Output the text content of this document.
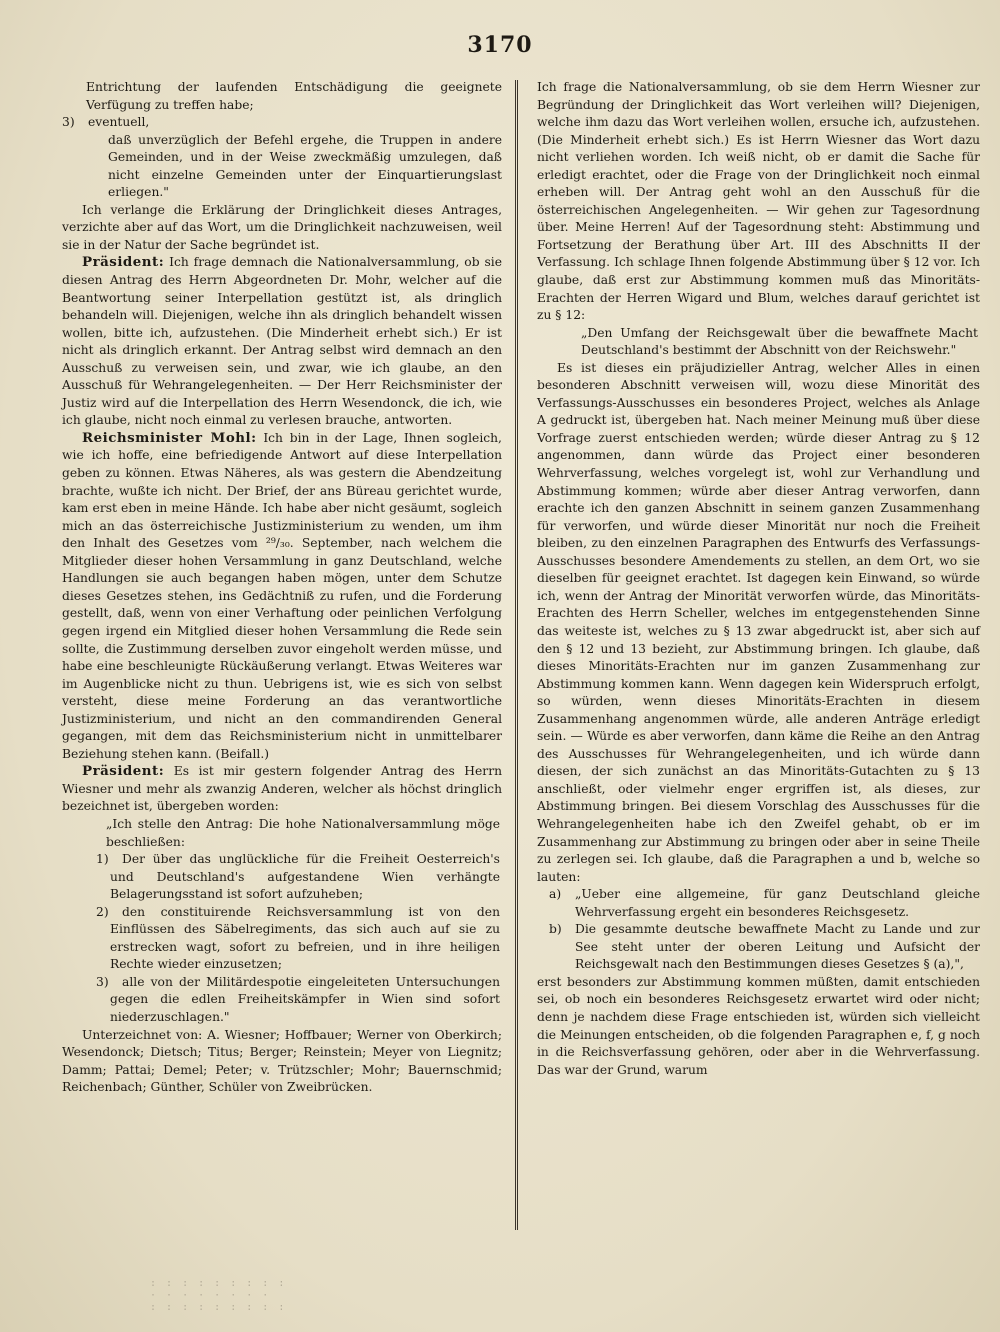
3170

Entrichtung der laufenden Entschädigung die geeignete Verfügung zu treffen habe;

3) eventuell,

daß unverzüglich der Befehl ergehe, die Truppen in andere Gemeinden, und in der Weise zweckmäßig umzulegen, daß nicht einzelne Gemeinden unter der Einquartierungslast erliegen."

Ich verlange die Erklärung der Dringlichkeit dieses Antrages, verzichte aber auf das Wort, um die Dringlichkeit nachzuweisen, weil sie in der Natur der Sache begründet ist.

Präsident: Ich frage demnach die Nationalversammlung, ob sie diesen Antrag des Herrn Abgeordneten Dr. Mohr, welcher auf die Beantwortung seiner Interpellation gestützt ist, als dringlich behandeln will. Diejenigen, welche ihn als dringlich behandelt wissen wollen, bitte ich, aufzustehen. (Die Minderheit erhebt sich.) Er ist nicht als dringlich erkannt. Der Antrag selbst wird demnach an den Ausschuß zu verweisen sein, und zwar, wie ich glaube, an den Ausschuß für Wehrangelegenheiten. — Der Herr Reichsminister der Justiz wird auf die Interpellation des Herrn Wesendonck, die ich, wie ich glaube, nicht noch einmal zu verlesen brauche, antworten.

Reichsminister Mohl: Ich bin in der Lage, Ihnen sogleich, wie ich hoffe, eine befriedigende Antwort auf diese Interpellation geben zu können. Etwas Näheres, als was gestern die Abendzeitung brachte, wußte ich nicht. Der Brief, der ans Büreau gerichtet wurde, kam erst eben in meine Hände. Ich habe aber nicht gesäumt, sogleich mich an das österreichische Justizministerium zu wenden, um ihm den Inhalt des Gesetzes vom ²⁹/₃₀. September, nach welchem die Mitglieder dieser hohen Versammlung in ganz Deutschland, welche Handlungen sie auch begangen haben mögen, unter dem Schutze dieses Gesetzes stehen, ins Gedächtniß zu rufen, und die Forderung gestellt, daß, wenn von einer Verhaftung oder peinlichen Verfolgung gegen irgend ein Mitglied dieser hohen Versammlung die Rede sein sollte, die Zustimmung derselben zuvor eingeholt werden müsse, und habe eine beschleunigte Rückäußerung verlangt. Etwas Weiteres war im Augenblicke nicht zu thun. Uebrigens ist, wie es sich von selbst versteht, diese meine Forderung an das verantwortliche Justizministerium, und nicht an den commandirenden General gegangen, mit dem das Reichsministerium nicht in unmittelbarer Beziehung stehen kann. (Beifall.)

Präsident: Es ist mir gestern folgender Antrag des Herrn Wiesner und mehr als zwanzig Anderen, welcher als höchst dringlich bezeichnet ist, übergeben worden:

„Ich stelle den Antrag: Die hohe Nationalversammlung möge beschließen:

1) Der über das unglückliche für die Freiheit Oesterreich's und Deutschland's aufgestandene Wien verhängte Belagerungsstand ist sofort aufzuheben;

2) den constituirende Reichsversammlung ist von den Einflüssen des Säbelregiments, das sich auch auf sie zu erstrecken wagt, sofort zu befreien, und in ihre heiligen Rechte wieder einzusetzen;

3) alle von der Militärdespotie eingeleiteten Untersuchungen gegen die edlen Freiheitskämpfer in Wien sind sofort niederzuschlagen."

Unterzeichnet von: A. Wiesner; Hoffbauer; Werner von Oberkirch; Wesendonck; Dietsch; Titus; Berger; Reinstein; Meyer von Liegnitz; Damm; Pattai; Demel; Peter; v. Trützschler; Mohr; Bauernschmid; Reichenbach; Günther, Schüler von Zweibrücken.

Ich frage die Nationalversammlung, ob sie dem Herrn Wiesner zur Begründung der Dringlichkeit das Wort verleihen will? Diejenigen, welche ihm dazu das Wort verleihen wollen, ersuche ich, aufzustehen. (Die Minderheit erhebt sich.) Es ist Herrn Wiesner das Wort dazu nicht verliehen worden. Ich weiß nicht, ob er damit die Sache für erledigt erachtet, oder die Frage von der Dringlichkeit noch einmal erheben will. Der Antrag geht wohl an den Ausschuß für die österreichischen Angelegenheiten. — Wir gehen zur Tagesordnung über. Meine Herren! Auf der Tagesordnung steht: Abstimmung und Fortsetzung der Berathung über Art. III des Abschnitts II der Verfassung. Ich schlage Ihnen folgende Abstimmung über § 12 vor. Ich glaube, daß erst zur Abstimmung kommen muß das Minoritäts-Erachten der Herren Wigard und Blum, welches darauf gerichtet ist zu § 12:

„Den Umfang der Reichsgewalt über die bewaffnete Macht Deutschland's bestimmt der Abschnitt von der Reichswehr."

Es ist dieses ein präjudizieller Antrag, welcher Alles in einen besonderen Abschnitt verweisen will, wozu diese Minorität des Verfassungs-Ausschusses ein besonderes Project, welches als Anlage A gedruckt ist, übergeben hat. Nach meiner Meinung muß über diese Vorfrage zuerst entschieden werden; würde dieser Antrag zu § 12 angenommen, dann würde das Project einer besonderen Wehrverfassung, welches vorgelegt ist, wohl zur Verhandlung und Abstimmung kommen; würde aber dieser Antrag verworfen, dann erachte ich den ganzen Abschnitt in seinem ganzen Zusammenhang für verworfen, und würde dieser Minorität nur noch die Freiheit bleiben, zu den einzelnen Paragraphen des Entwurfs des Verfassungs-Ausschusses besondere Amendements zu stellen, an dem Ort, wo sie dieselben für geeignet erachtet. Ist dagegen kein Einwand, so würde ich, wenn der Antrag der Minorität verworfen würde, das Minoritäts-Erachten des Herrn Scheller, welches im entgegenstehenden Sinne das weiteste ist, welches zu § 13 zwar abgedruckt ist, aber sich auf den § 12 und 13 bezieht, zur Abstimmung bringen. Ich glaube, daß dieses Minoritäts-Erachten nur im ganzen Zusammenhang zur Abstimmung kommen kann. Wenn dagegen kein Widerspruch erfolgt, so würden, wenn dieses Minoritäts-Erachten in diesem Zusammenhang angenommen würde, alle anderen Anträge erledigt sein. — Würde es aber verworfen, dann käme die Reihe an den Antrag des Ausschusses für Wehrangelegenheiten, und ich würde dann diesen, der sich zunächst an das Minoritäts-Gutachten zu § 13 anschließt, oder vielmehr enger ergriffen ist, als dieses, zur Abstimmung bringen. Bei diesem Vorschlag des Ausschusses für die Wehrangelegenheiten habe ich den Zweifel gehabt, ob er im Zusammenhang zur Abstimmung zu bringen oder aber in seine Theile zu zerlegen sei. Ich glaube, daß die Paragraphen a und b, welche so lauten:

a) „Ueber eine allgemeine, für ganz Deutschland gleiche Wehrverfassung ergeht ein besonderes Reichsgesetz.

b) Die gesammte deutsche bewaffnete Macht zu Lande und zur See steht unter der oberen Leitung und Aufsicht der Reichsgewalt nach den Bestimmungen dieses Gesetzes § (a),",

erst besonders zur Abstimmung kommen müßten, damit entschieden sei, ob noch ein besonderes Reichsgesetz erwartet wird oder nicht; denn je nachdem diese Frage entschieden ist, würden sich vielleicht die Meinungen entscheiden, ob die folgenden Paragraphen e, f, g noch in die Reichsverfassung gehören, oder aber in die Wehrverfassung. Das war der Grund, warum

: : : : : : : : :
· · · · · · · ·
: : : : : : : : :
